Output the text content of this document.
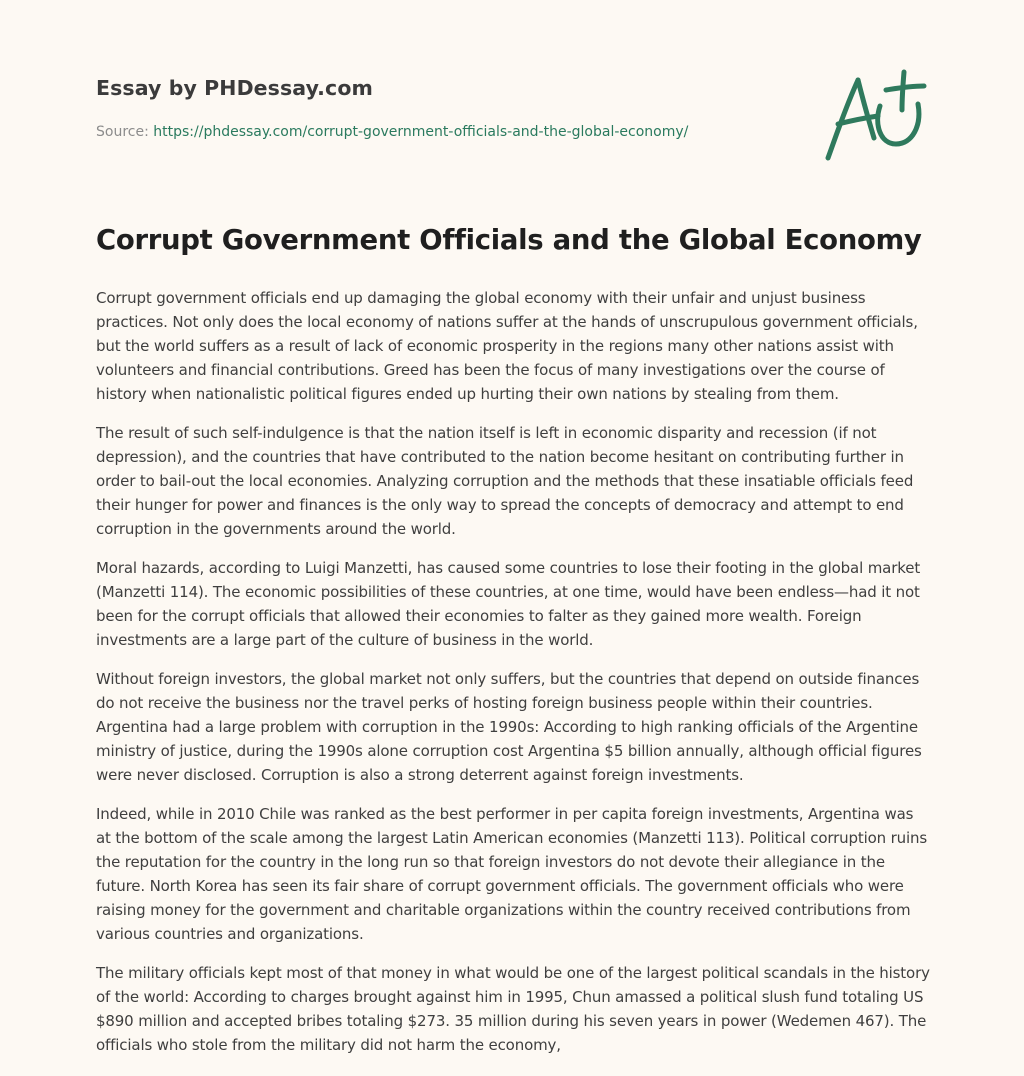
Essay by PHDessay.com
Source: https://phdessay.com/corrupt-government-officials-and-the-global-economy/
Corrupt Government Officials and the Global Economy

Corrupt government officials end up damaging the global economy with their unfair and unjust business practices. Not only does the local economy of nations suffer at the hands of unscrupulous government officials, but the world suffers as a result of lack of economic prosperity in the regions many other nations assist with volunteers and financial contributions. Greed has been the focus of many investigations over the course of history when nationalistic political figures ended up hurting their own nations by stealing from them.

The result of such self-indulgence is that the nation itself is left in economic disparity and recession (if not depression), and the countries that have contributed to the nation become hesitant on contributing further in order to bail-out the local economies. Analyzing corruption and the methods that these insatiable officials feed their hunger for power and finances is the only way to spread the concepts of democracy and attempt to end corruption in the governments around the world.

Moral hazards, according to Luigi Manzetti, has caused some countries to lose their footing in the global market (Manzetti 114). The economic possibilities of these countries, at one time, would have been endless—had it not been for the corrupt officials that allowed their economies to falter as they gained more wealth. Foreign investments are a large part of the culture of business in the world.

Without foreign investors, the global market not only suffers, but the countries that depend on outside finances do not receive the business nor the travel perks of hosting foreign business people within their countries. Argentina had a large problem with corruption in the 1990s: According to high ranking officials of the Argentine ministry of justice, during the 1990s alone corruption cost Argentina $5 billion annually, although official figures were never disclosed. Corruption is also a strong deterrent against foreign investments.

Indeed, while in 2010 Chile was ranked as the best performer in per capita foreign investments, Argentina was at the bottom of the scale among the largest Latin American economies (Manzetti 113). Political corruption ruins the reputation for the country in the long run so that foreign investors do not devote their allegiance in the future. North Korea has seen its fair share of corrupt government officials. The government officials who were raising money for the government and charitable organizations within the country received contributions from various countries and organizations.

The military officials kept most of that money in what would be one of the largest political scandals in the history of the world: According to charges brought against him in 1995, Chun amassed a political slush fund totaling US $890 million and accepted bribes totaling $273. 35 million during his seven years in power (Wedemen 467). The officials who stole from the military did not harm the economy,
